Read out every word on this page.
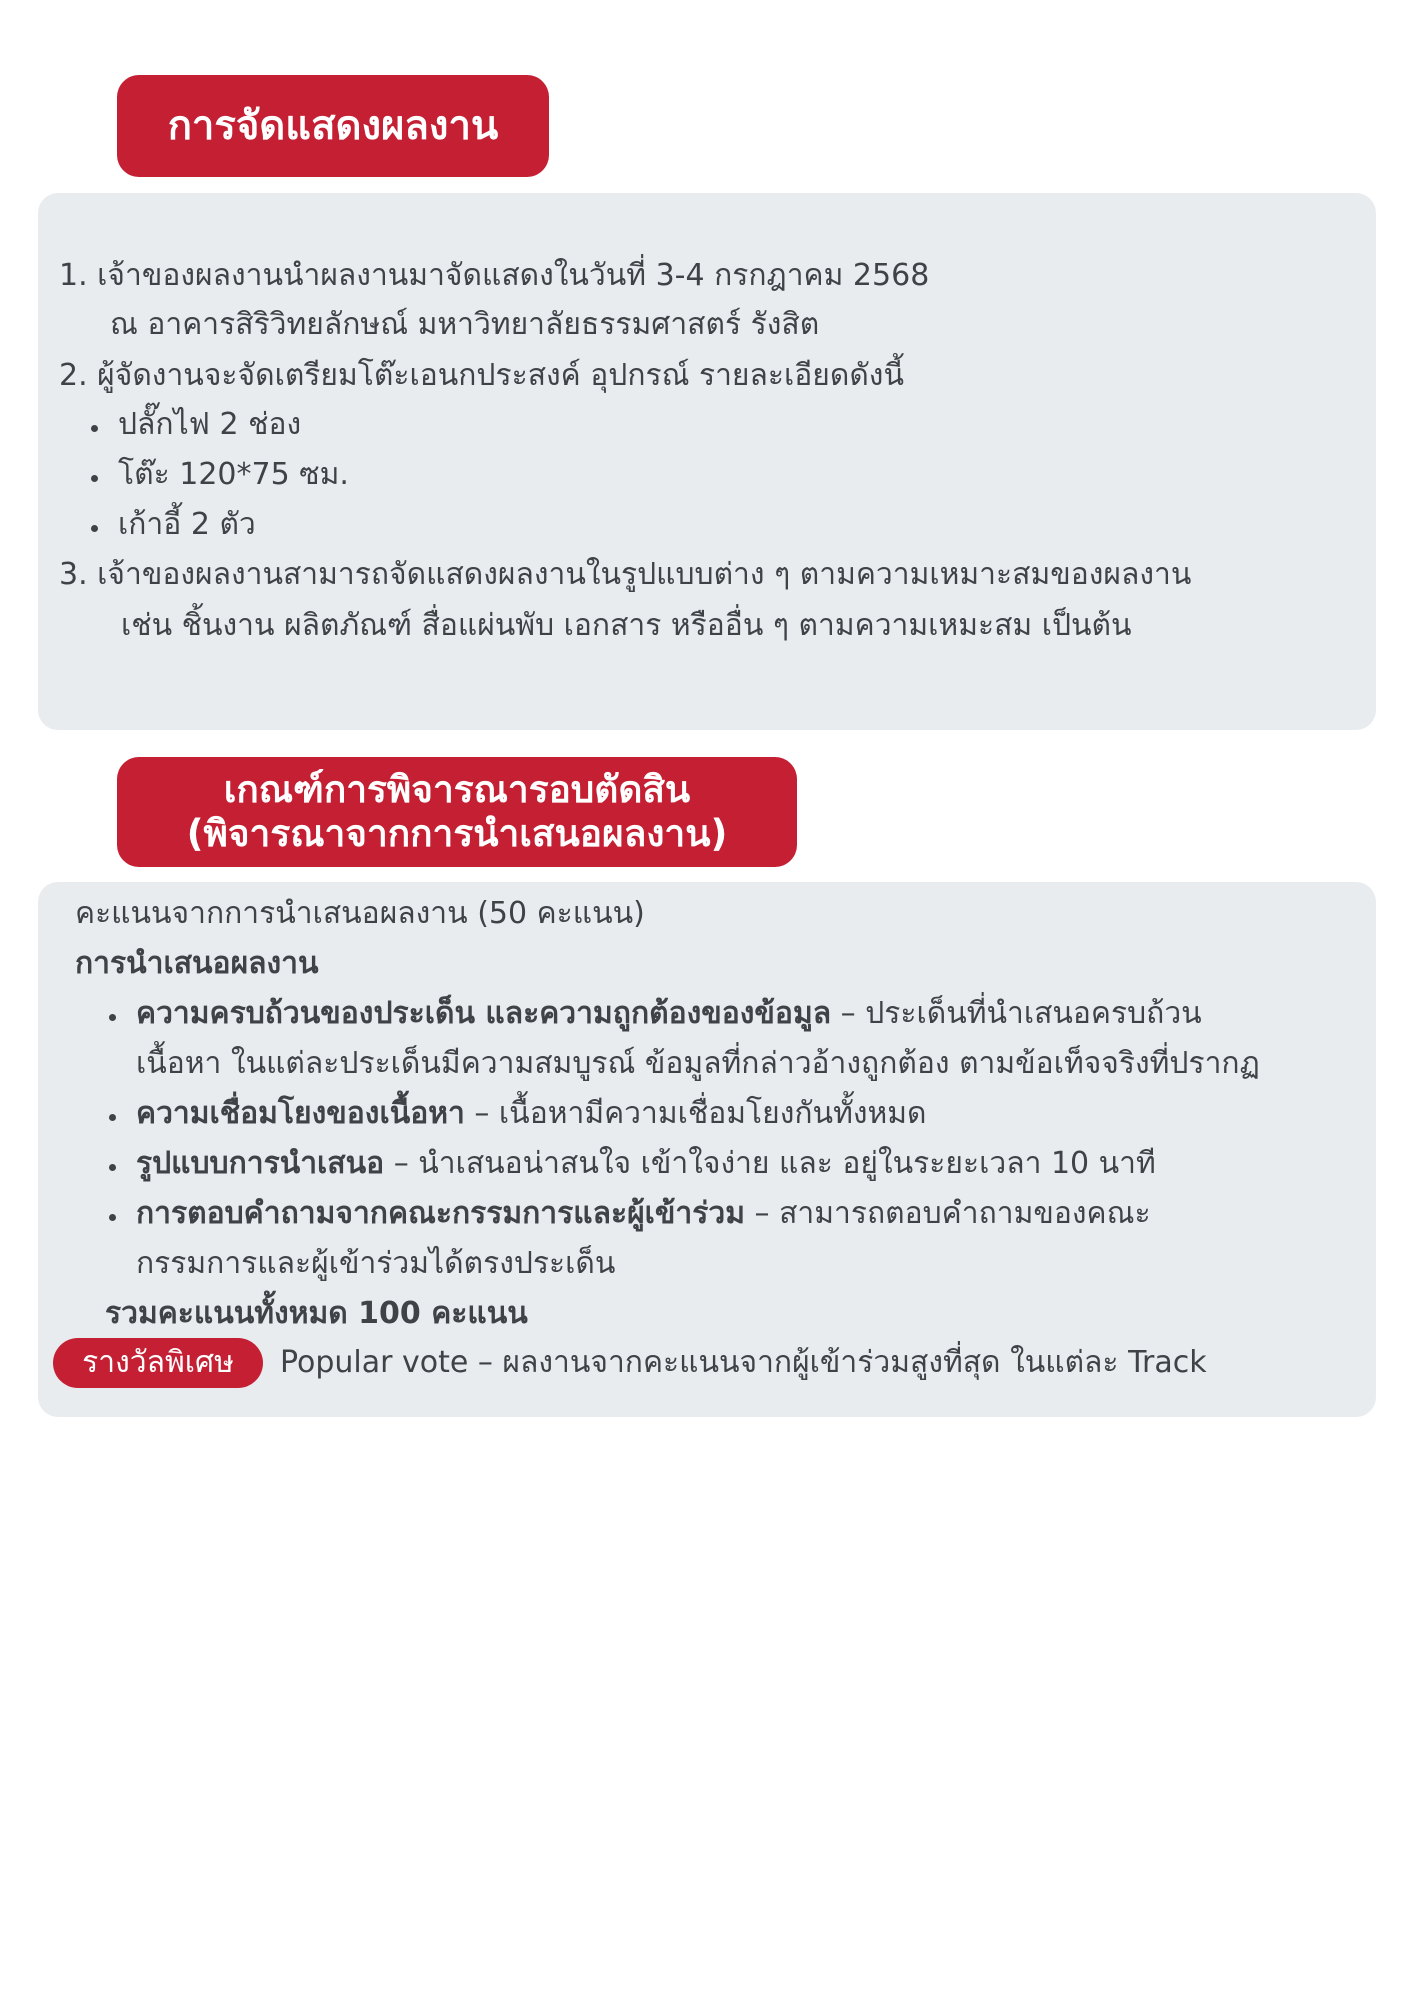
การจัดแสดงผลงาน
1. เจ้าของผลงานนำผลงานมาจัดแสดงในวันที่ 3-4 กรกฎาคม 2568
ณ อาคารสิริวิทยลักษณ์ มหาวิทยาลัยธรรมศาสตร์ รังสิต
2. ผู้จัดงานจะจัดเตรียมโต๊ะเอนกประสงค์ อุปกรณ์ รายละเอียดดังนี้
ปลั๊กไฟ 2 ช่อง
โต๊ะ 120*75 ซม.
เก้าอี้ 2 ตัว
3. เจ้าของผลงานสามารถจัดแสดงผลงานในรูปแบบต่าง ๆ ตามความเหมาะสมของผลงาน
เช่น ชิ้นงาน ผลิตภัณฑ์ สื่อแผ่นพับ เอกสาร หรืออื่น ๆ ตามความเหมะสม เป็นต้น
เกณฑ์การพิจารณารอบตัดสิน
(พิจารณาจากการนำเสนอผลงาน)
คะแนนจากการนำเสนอผลงาน (50 คะแนน)
การนำเสนอผลงาน
ความครบถ้วนของประเด็น และความถูกต้องของข้อมูล – ประเด็นที่นำเสนอครบถ้วน
เนื้อหา ในแต่ละประเด็นมีความสมบูรณ์ ข้อมูลที่กล่าวอ้างถูกต้อง ตามข้อเท็จจริงที่ปรากฏ
ความเชื่อมโยงของเนื้อหา – เนื้อหามีความเชื่อมโยงกันทั้งหมด
รูปแบบการนำเสนอ – นำเสนอน่าสนใจ เข้าใจง่าย และ อยู่ในระยะเวลา 10 นาที
การตอบคำถามจากคณะกรรมการและผู้เข้าร่วม – สามารถตอบคำถามของคณะ
กรรมการและผู้เข้าร่วมได้ตรงประเด็น
รวมคะแนนทั้งหมด 100 คะแนน
รางวัลพิเศษ	Popular vote – ผลงานจากคะแนนจากผู้เข้าร่วมสูงที่สุด ในแต่ละ Track
